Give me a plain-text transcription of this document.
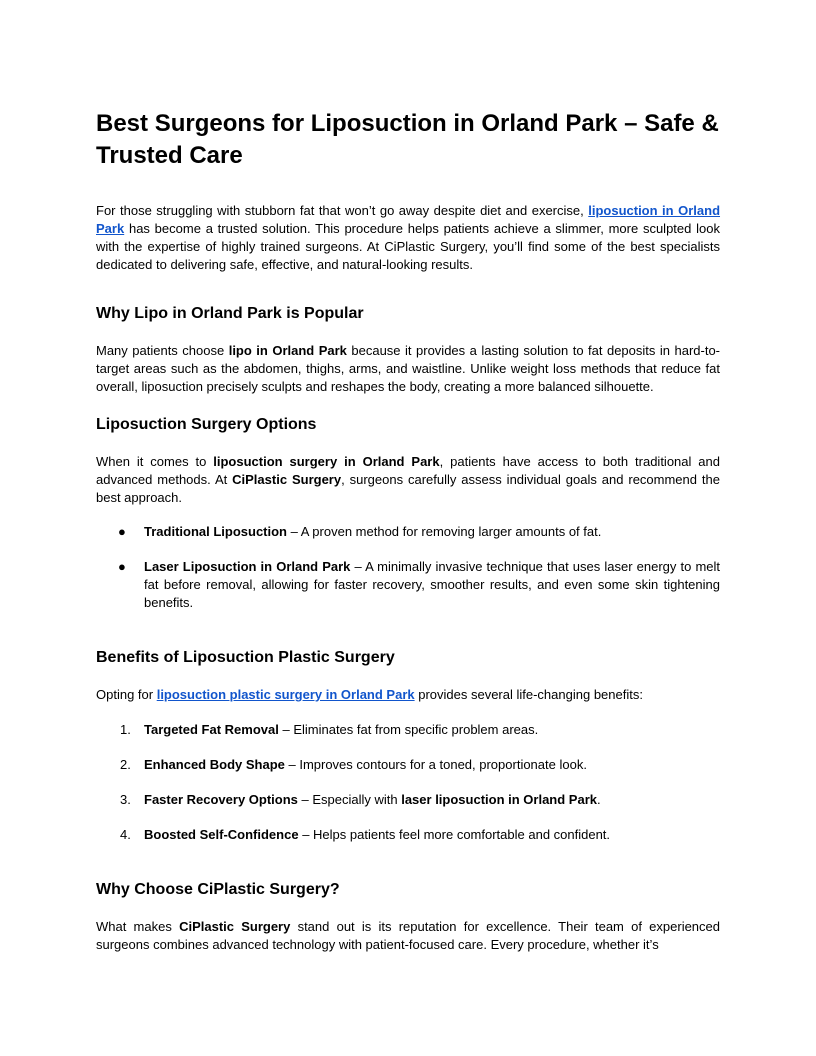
Best Surgeons for Liposuction in Orland Park – Safe & Trusted Care

For those struggling with stubborn fat that won’t go away despite diet and exercise, liposuction in Orland Park has become a trusted solution. This procedure helps patients achieve a slimmer, more sculpted look with the expertise of highly trained surgeons. At CiPlastic Surgery, you’ll find some of the best specialists dedicated to delivering safe, effective, and natural-looking results.

Why Lipo in Orland Park is Popular

Many patients choose lipo in Orland Park because it provides a lasting solution to fat deposits in hard-to-target areas such as the abdomen, thighs, arms, and waistline. Unlike weight loss methods that reduce fat overall, liposuction precisely sculpts and reshapes the body, creating a more balanced silhouette.

Liposuction Surgery Options

When it comes to liposuction surgery in Orland Park, patients have access to both traditional and advanced methods. At CiPlastic Surgery, surgeons carefully assess individual goals and recommend the best approach.

● Traditional Liposuction – A proven method for removing larger amounts of fat.
● Laser Liposuction in Orland Park – A minimally invasive technique that uses laser energy to melt fat before removal, allowing for faster recovery, smoother results, and even some skin tightening benefits.
Benefits of Liposuction Plastic Surgery

Opting for liposuction plastic surgery in Orland Park provides several life-changing benefits:

1. Targeted Fat Removal – Eliminates fat from specific problem areas.
2. Enhanced Body Shape – Improves contours for a toned, proportionate look.
3. Faster Recovery Options – Especially with laser liposuction in Orland Park.
4. Boosted Self-Confidence – Helps patients feel more comfortable and confident.
Why Choose CiPlastic Surgery?

What makes CiPlastic Surgery stand out is its reputation for excellence. Their team of experienced surgeons combines advanced technology with patient-focused care. Every procedure, whether it’s
